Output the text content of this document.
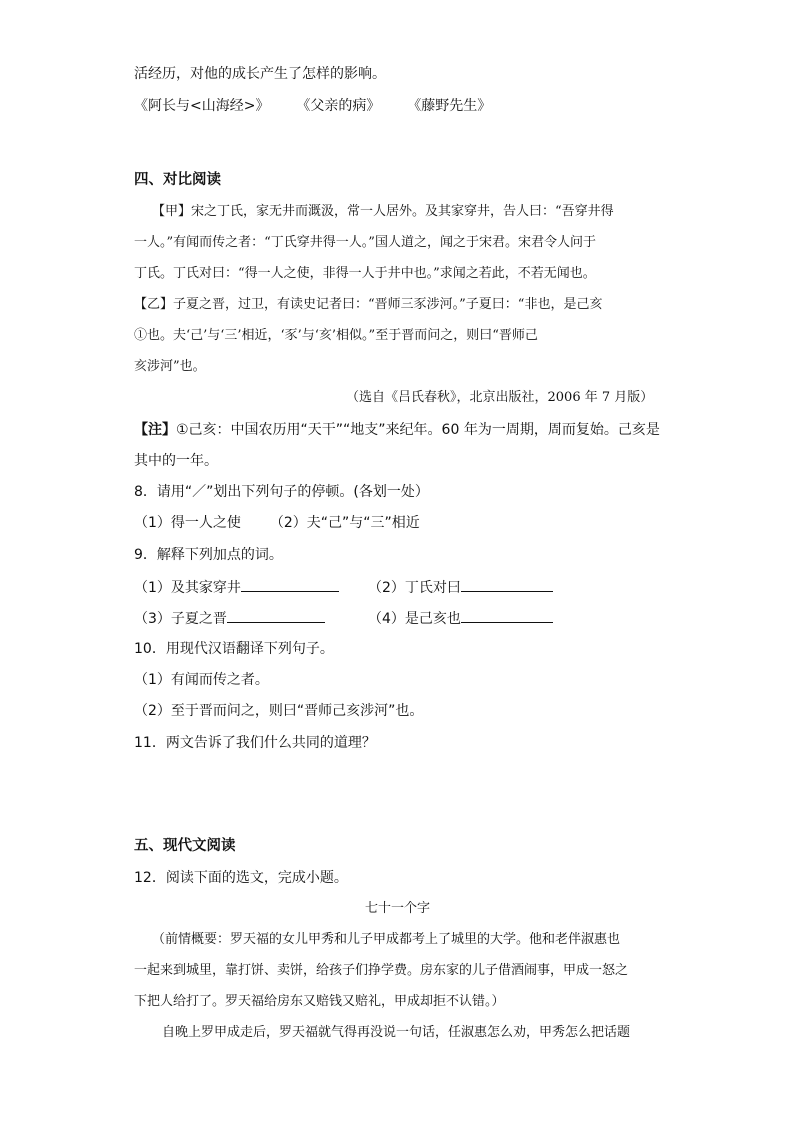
活经历，对他的成长产生了怎样的影响。
《阿长与<山海经>》 《父亲的病》 《藤野先生》
四、对比阅读
【甲】宋之丁氏，家无井而溉汲，常一人居外。及其家穿井，告人曰：“吾穿井得
一人。”有闻而传之者：“丁氏穿井得一人。”国人道之，闻之于宋君。宋君令人问于
丁氏。丁氏对曰：“得一人之使，非得一人于井中也。”求闻之若此，不若无闻也。
【乙】子夏之晋，过卫，有读史记者曰：“晋师三豕涉河。”子夏曰：“非也，是己亥
①也。夫‘己’与‘三’相近，‘豕’与‘亥’相似。”至于晋而问之，则曰“晋师己
亥涉河”也。
（选自《吕氏春秋》，北京出版社，2006 年 7 月版）
【注】①己亥：中国农历用“天干”“地支”来纪年。60 年为一周期，周而复始。己亥是
其中的一年。
8．请用“／”划出下列句子的停顿。(各划一处）
（1）得一人之使 （2）夫“己”与“三”相近
9．解释下列加点的词。
（1）及其家穿井	（2）丁氏对曰
（3）子夏之晋	（4）是己亥也
10．用现代汉语翻译下列句子。
（1）有闻而传之者。
（2）至于晋而问之，则曰“晋师己亥涉河”也。
11．两文告诉了我们什么共同的道理？
五、现代文阅读
12．阅读下面的选文，完成小题。
七十一个字
（前情概要：罗天福的女儿甲秀和儿子甲成都考上了城里的大学。他和老伴淑惠也
一起来到城里，靠打饼、卖饼，给孩子们挣学费。房东家的儿子借酒闹事，甲成一怒之
下把人给打了。罗天福给房东又赔钱又赔礼，甲成却拒不认错。）
自晚上罗甲成走后，罗天福就气得再没说一句话，任淑惠怎么劝，甲秀怎么把话题
